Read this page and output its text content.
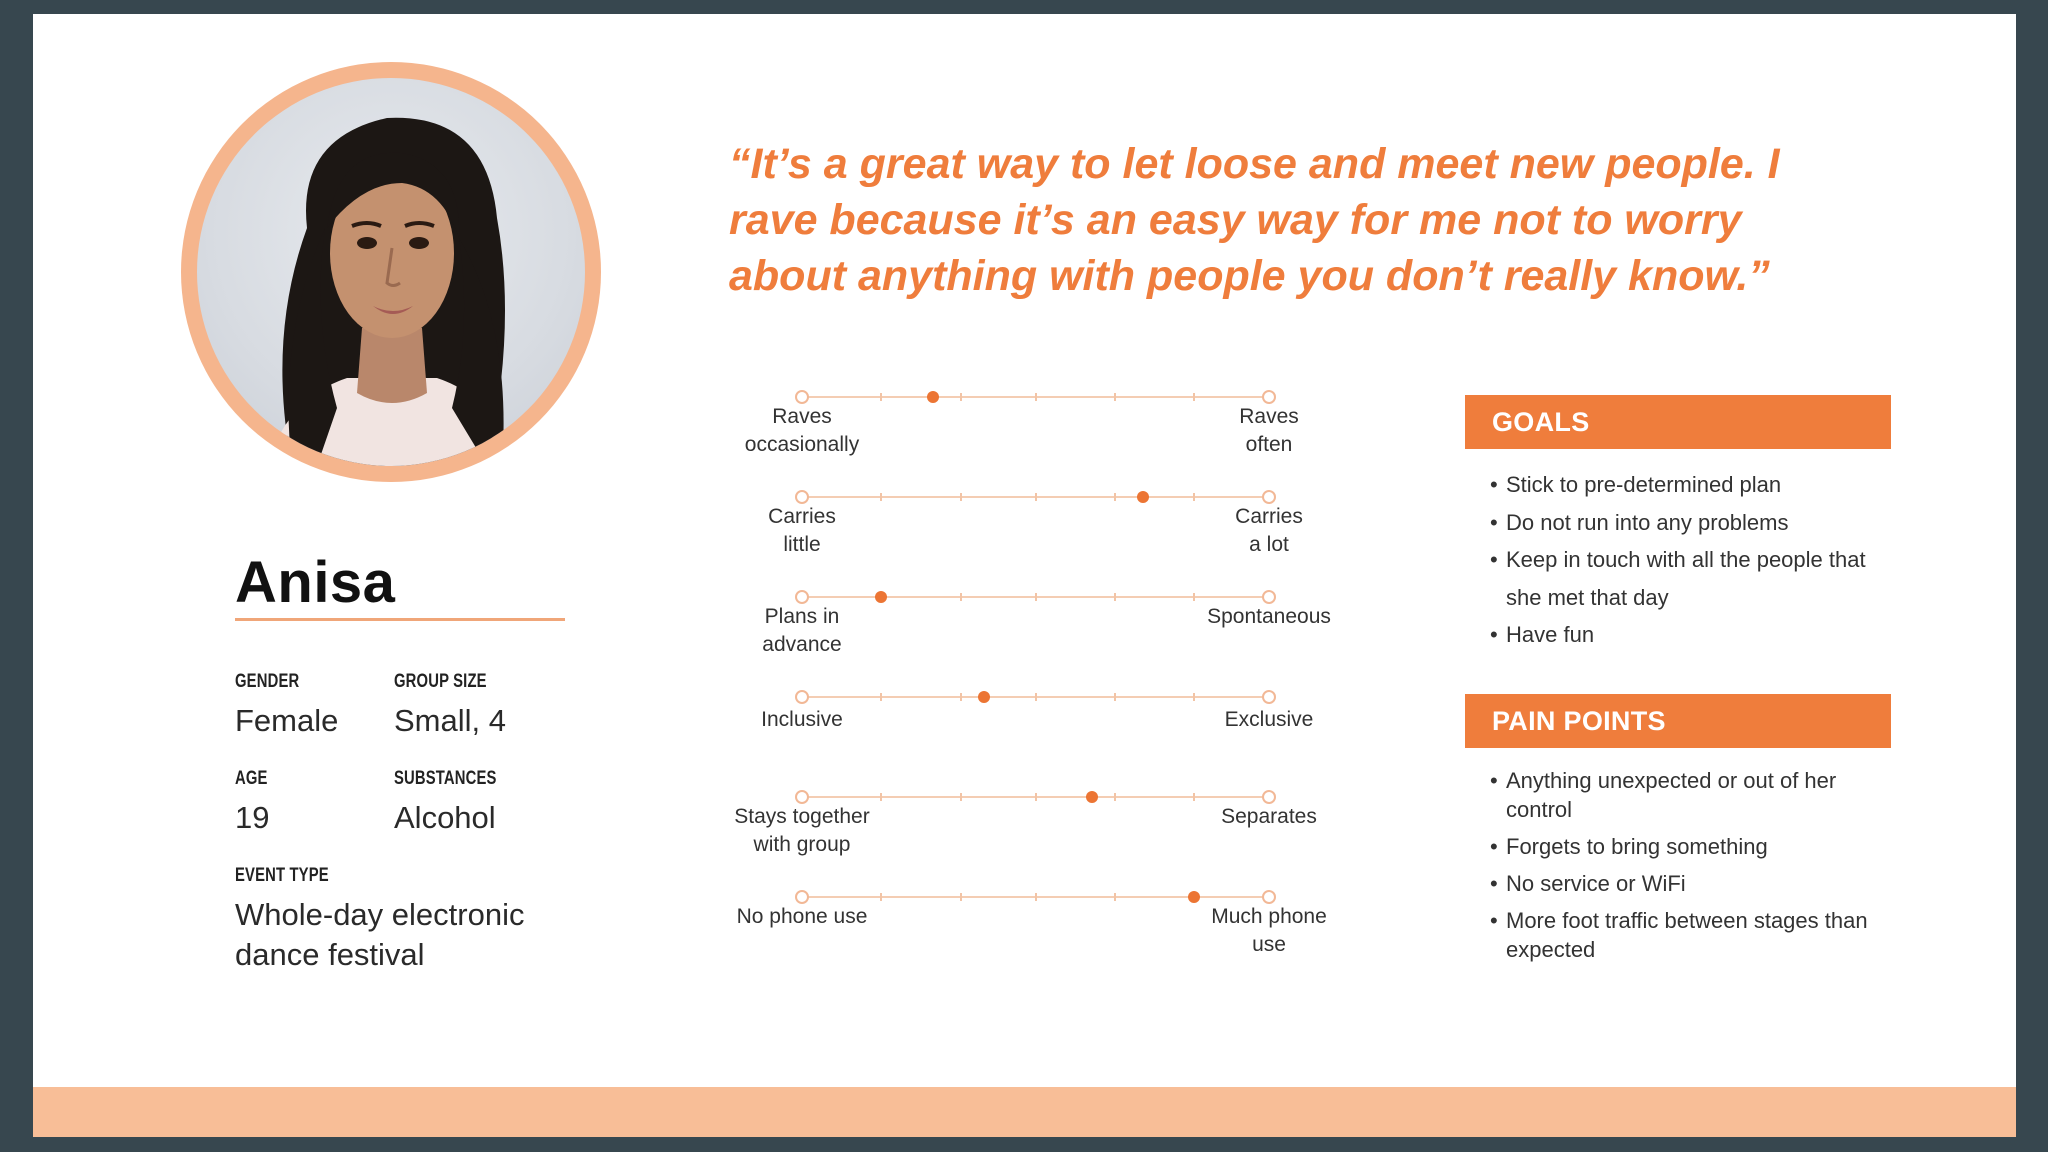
Anisa
GENDER
Female
GROUP SIZE
Small, 4
AGE
19
SUBSTANCES
Alcohol
EVENT TYPE
Whole-day electronic
dance festival

“It’s a great way to let loose and meet new people. I rave because it’s an easy way for me not to worry about anything with people you don’t really know.”

Raves
occasionally
Raves
often
Carries
little
Carries
a lot
Plans in
advance
Spontaneous
Inclusive	Exclusive
Stays together
with group
Separates
No phone use	Much phone
use
GOALS
• Stick to pre-determined plan
• Do not run into any problems
• Keep in touch with all the people that she met that day
• Have fun
PAIN POINTS
• Anything unexpected or out of her control
• Forgets to bring something
• No service or WiFi
• More foot traffic between stages than expected
